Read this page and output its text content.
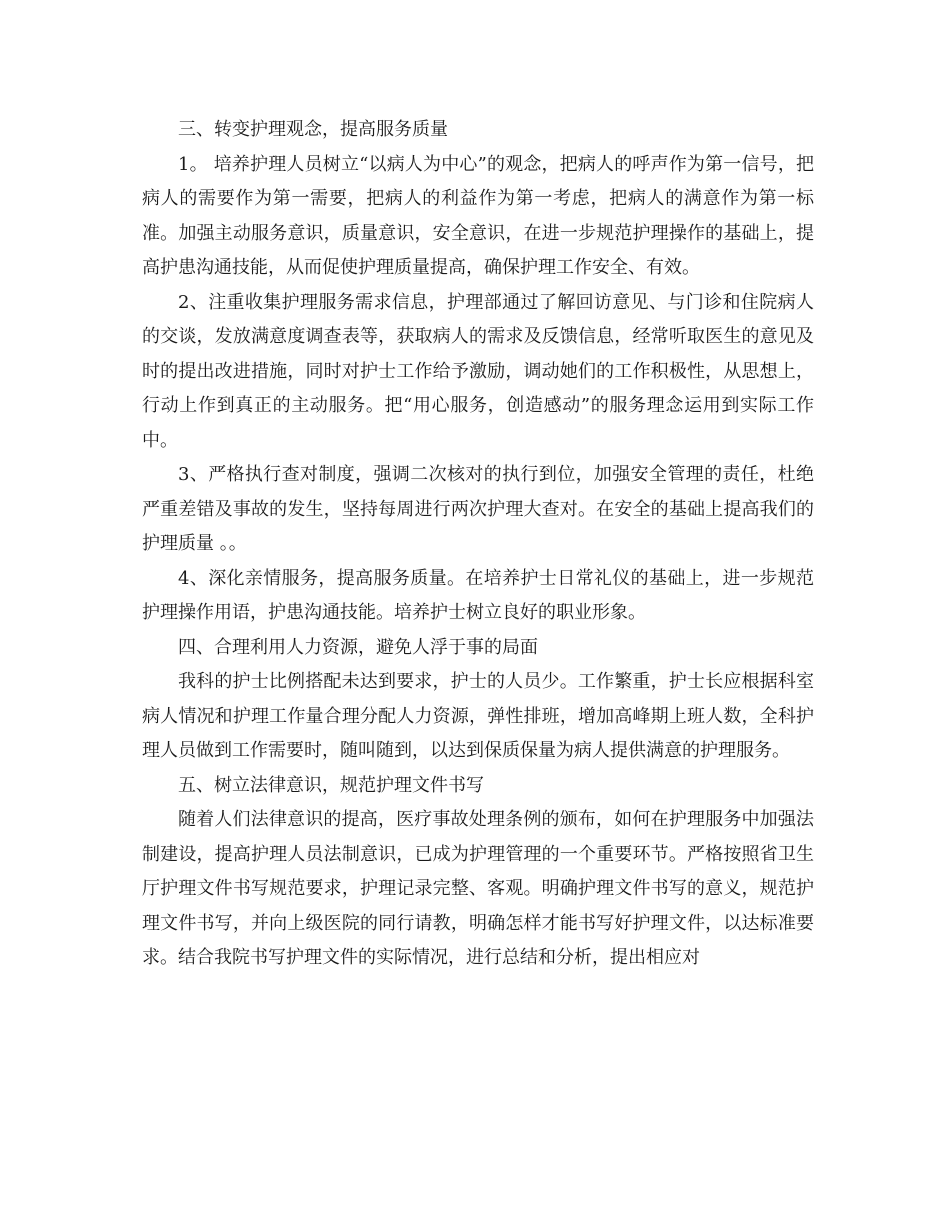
三、转变护理观念，提高服务质量

1。 培养护理人员树立“以病人为中心”的观念，把病人的呼声作为第一信号，把病人的需要作为第一需要，把病人的利益作为第一考虑，把病人的满意作为第一标准。加强主动服务意识，质量意识，安全意识，在进一步规范护理操作的基础上，提高护患沟通技能，从而促使护理质量提高，确保护理工作安全、有效。

2、注重收集护理服务需求信息，护理部通过了解回访意见、与门诊和住院病人的交谈，发放满意度调查表等，获取病人的需求及反馈信息，经常听取医生的意见及时的提出改进措施，同时对护士工作给予激励，调动她们的工作积极性，从思想上，行动上作到真正的主动服务。把“用心服务，创造感动”的服务理念运用到实际工作中。

3、严格执行查对制度，强调二次核对的执行到位，加强安全管理的责任，杜绝严重差错及事故的发生，坚持每周进行两次护理大查对。在安全的基础上提高我们的护理质量 。。

4、深化亲情服务，提高服务质量。在培养护士日常礼仪的基础上，进一步规范护理操作用语，护患沟通技能。培养护士树立良好的职业形象。

四、合理利用人力资源，避免人浮于事的局面

我科的护士比例搭配未达到要求，护士的人员少。工作繁重，护士长应根据科室病人情况和护理工作量合理分配人力资源，弹性排班，增加高峰期上班人数，全科护理人员做到工作需要时，随叫随到，以达到保质保量为病人提供满意的护理服务。

五、树立法律意识，规范护理文件书写

随着人们法律意识的提高，医疗事故处理条例的颁布，如何在护理服务中加强法制建设，提高护理人员法制意识，已成为护理管理的一个重要环节。严格按照省卫生厅护理文件书写规范要求，护理记录完整、客观。明确护理文件书写的意义，规范护理文件书写，并向上级医院的同行请教，明确怎样才能书写好护理文件，以达标准要求。结合我院书写护理文件的实际情况，进行总结和分析，提出相应对
